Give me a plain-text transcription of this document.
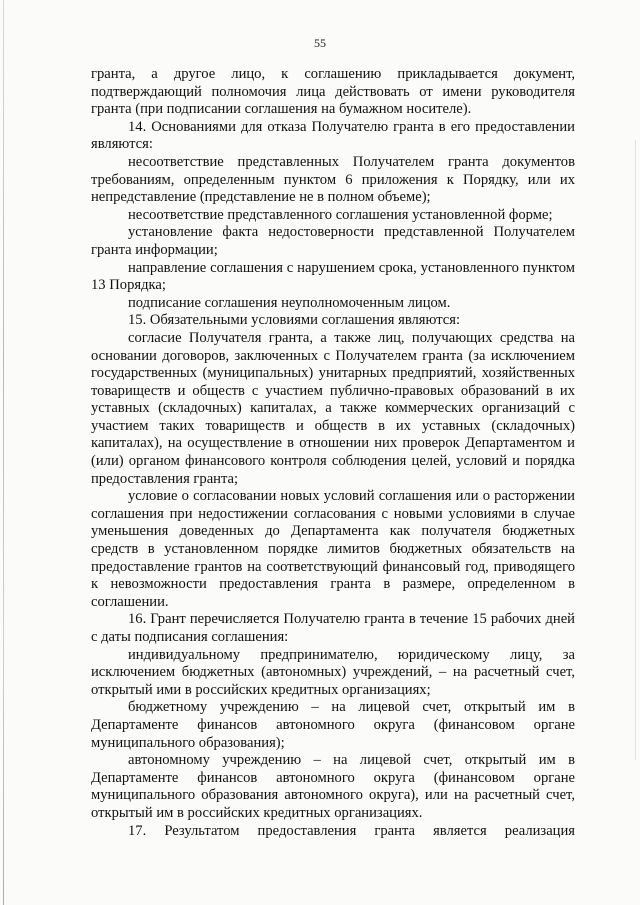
55

гранта, а другое лицо, к соглашению прикладывается документ, подтверждающий полномочия лица действовать от имени руководителя гранта (при подписании соглашения на бумажном носителе).

14. Основаниями для отказа Получателю гранта в его предоставлении являются:

несоответствие представленных Получателем гранта документов требованиям, определенным пунктом 6 приложения к Порядку, или их непредставление (представление не в полном объеме);

несоответствие представленного соглашения установленной форме;

установление факта недостоверности представленной Получателем гранта информации;

направление соглашения с нарушением срока, установленного пунктом 13 Порядка;

подписание соглашения неуполномоченным лицом.

15. Обязательными условиями соглашения являются:

согласие Получателя гранта, а также лиц, получающих средства на основании договоров, заключенных с Получателем гранта (за исключением государственных (муниципальных) унитарных предприятий, хозяйственных товариществ и обществ с участием публично-правовых образований в их уставных (складочных) капиталах, а также коммерческих организаций с участием таких товариществ и обществ в их уставных (складочных) капиталах), на осуществление в отношении них проверок Департаментом и (или) органом финансового контроля соблюдения целей, условий и порядка предоставления гранта;

условие о согласовании новых условий соглашения или о расторжении соглашения при недостижении согласования с новыми условиями в случае уменьшения доведенных до Департамента как получателя бюджетных средств в установленном порядке лимитов бюджетных обязательств на предоставление грантов на соответствующий финансовый год, приводящего к невозможности предоставления гранта в размере, определенном в соглашении.

16. Грант перечисляется Получателю гранта в течение 15 рабочих дней с даты подписания соглашения:

индивидуальному предпринимателю, юридическому лицу, за исключением бюджетных (автономных) учреждений, – на расчетный счет, открытый ими в российских кредитных организациях;

бюджетному учреждению – на лицевой счет, открытый им в Департаменте финансов автономного округа (финансовом органе муниципального образования);

автономному учреждению – на лицевой счет, открытый им в Департаменте финансов автономного округа (финансовом органе муниципального образования автономного округа), или на расчетный счет, открытый им в российских кредитных организациях.

17. Результатом предоставления гранта является реализация
